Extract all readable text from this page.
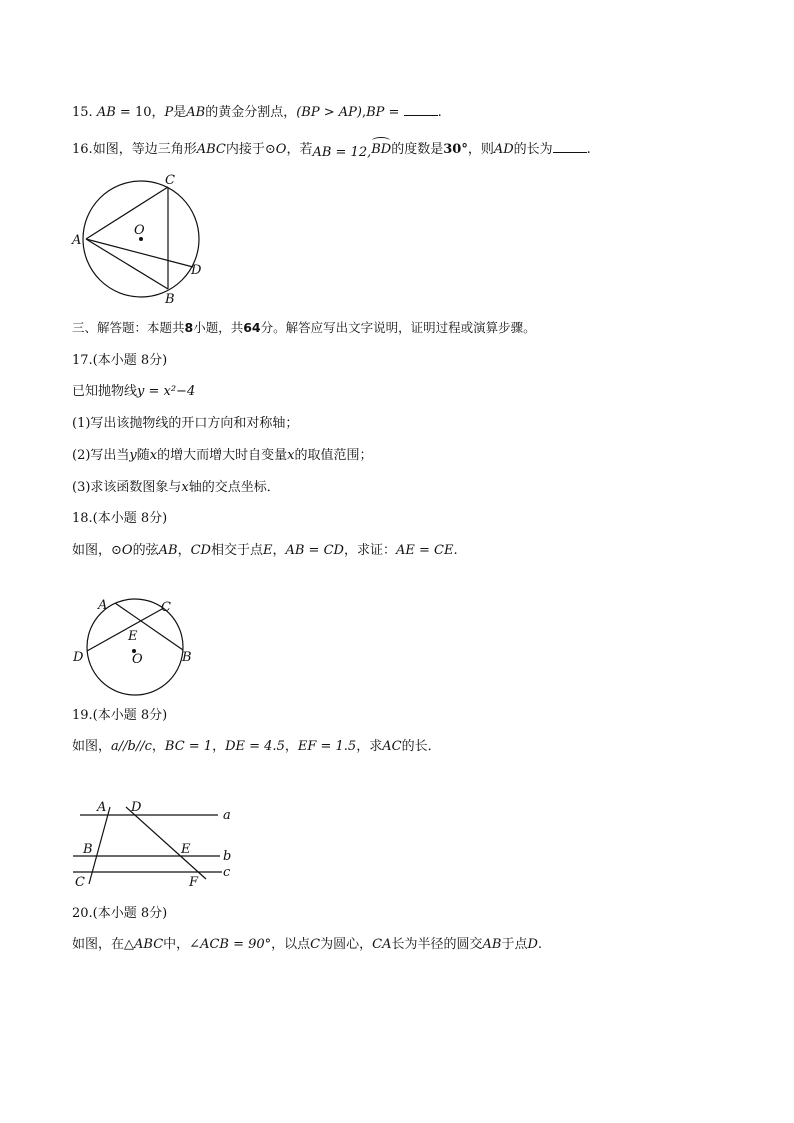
15. AB = 10，P是AB的黄金分割点，(BP > AP),BP =	.
16.如图，等边三角形ABC内接于⊙O，若AB = 12,BD的度数是30°，则AD的长为	.
A
C
O
D
B
三、解答题：本题共8小题，共64分。解答应写出文字说明，证明过程或演算步骤。
17.(本小题 8分)
已知抛物线y = x²−4
(1)写出该抛物线的开口方向和对称轴；
(2)写出当y随x的增大而增大时自变量x的取值范围；
(3)求该函数图象与x轴的交点坐标．
18.(本小题 8分)
如图，⊙O的弦AB，CD相交于点E，AB = CD，求证：AE = CE.
A	C
E
O
D	B
19.(本小题 8分)
如图，a//b//c，BC = 1，DE = 4.5，EF = 1.5，求AC的长．
A D
B	E
C	F
a
b
c
20.(本小题 8分)
如图，在△ABC中，∠ACB = 90°，以点C为圆心，CA长为半径的圆交AB于点D.
